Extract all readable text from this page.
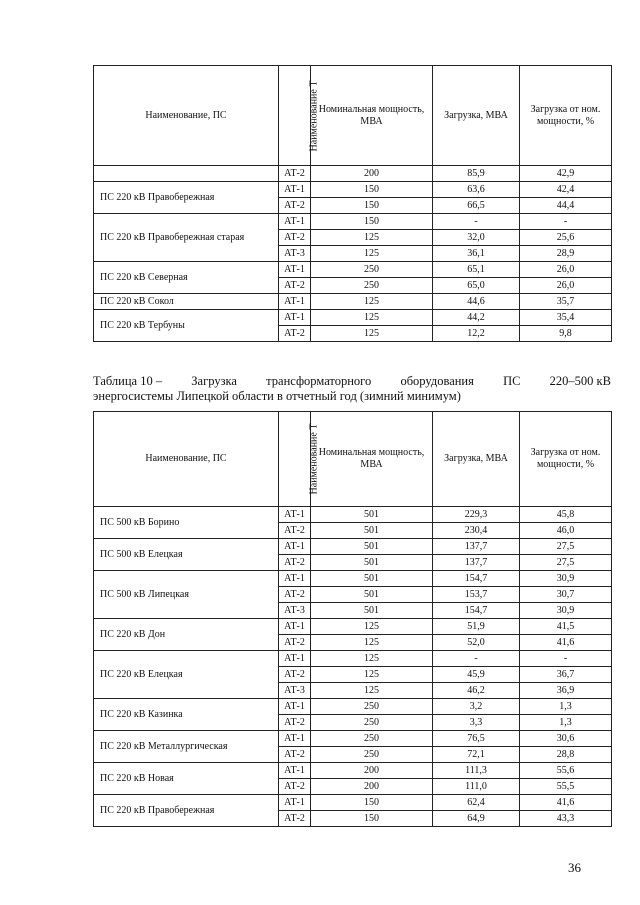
Наименование, ПС	Наименование Т	Номинальная мощность, МВА	Загрузка, МВА	Загрузка от ном. мощности, %
	АТ-2	200	85,9	42,9
ПС 220 кВ Правобережная	АТ-1	150	63,6	42,4
	АТ-2	150	66,5	44,4
ПС 220 кВ Правобережная старая	АТ-1	150	-	-
	АТ-2	125	32,0	25,6
	АТ-3	125	36,1	28,9
ПС 220 кВ Северная	АТ-1	250	65,1	26,0
	АТ-2	250	65,0	26,0
ПС 220 кВ Сокол	АТ-1	125	44,6	35,7
ПС 220 кВ Тербуны	АТ-1	125	44,2	35,4
	АТ-2	125	12,2	9,8
Таблица 10 – Загрузка трансформаторного оборудования ПС 220–500 кВ
энергосистемы Липецкой области в отчетный год (зимний минимум)
Наименование, ПС	Наименование Т	Номинальная мощность, МВА	Загрузка, МВА	Загрузка от ном. мощности, %
ПС 500 кВ Борино	АТ-1	501	229,3	45,8
	АТ-2	501	230,4	46,0
ПС 500 кВ Елецкая	АТ-1	501	137,7	27,5
	АТ-2	501	137,7	27,5
ПС 500 кВ Липецкая	АТ-1	501	154,7	30,9
	АТ-2	501	153,7	30,7
	АТ-3	501	154,7	30,9
ПС 220 кВ Дон	АТ-1	125	51,9	41,5
	АТ-2	125	52,0	41,6
ПС 220 кВ Елецкая	АТ-1	125	-	-
	АТ-2	125	45,9	36,7
	АТ-3	125	46,2	36,9
ПС 220 кВ Казинка	АТ-1	250	3,2	1,3
	АТ-2	250	3,3	1,3
ПС 220 кВ Металлургическая	АТ-1	250	76,5	30,6
	АТ-2	250	72,1	28,8
ПС 220 кВ Новая	АТ-1	200	111,3	55,6
	АТ-2	200	111,0	55,5
ПС 220 кВ Правобережная	АТ-1	150	62,4	41,6
	АТ-2	150	64,9	43,3
36
